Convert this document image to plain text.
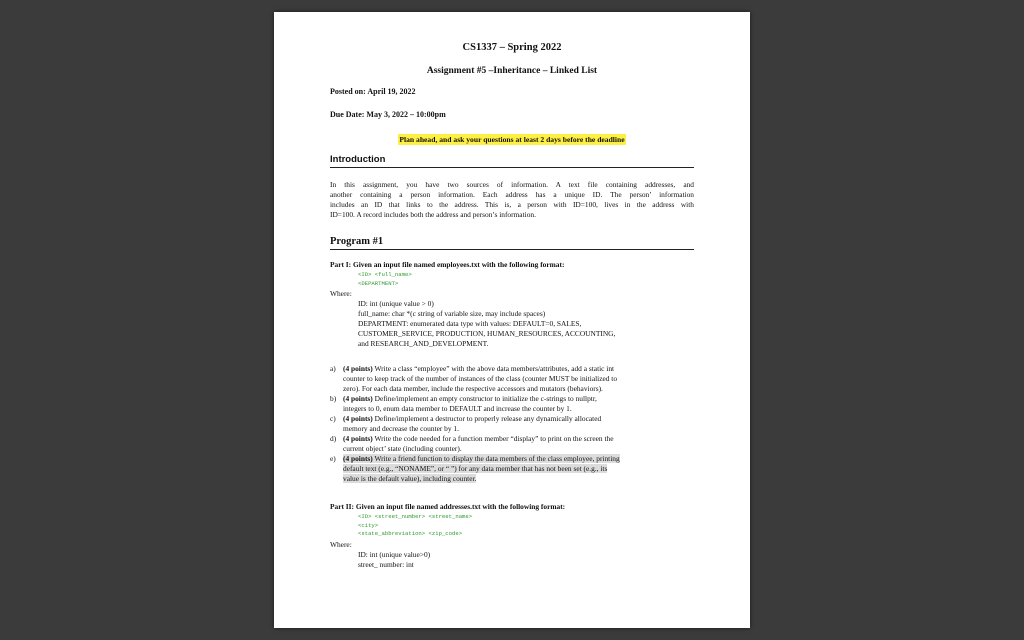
CS1337 – Spring 2022
Assignment #5 –Inheritance – Linked List
Posted on: April 19, 2022
Due Date: May 3, 2022 – 10:00pm
Plan ahead, and ask your questions at least 2 days before the deadline
Introduction
In this assignment, you have two sources of information. A text file containing addresses, and
another containing a person information. Each address has a unique ID. The person’ information
includes an ID that links to the address. This is, a person with ID=100, lives in the address with
ID=100. A record includes both the address and person’s information.
Program #1
Part I: Given an input file named employees.txt with the following format:
<ID> <full_name>
<DEPARTMENT>
Where:
ID: int (unique value > 0)
full_name: char *(c string of variable size, may include spaces)
DEPARTMENT: enumerated data type with values: DEFAULT=0, SALES,
CUSTOMER_SERVICE, PRODUCTION, HUMAN_RESOURCES, ACCOUNTING,
and RESEARCH_AND_DEVELOPMENT.
a) (4 points) Write a class “employee” with the above data members/attributes, add a static int
counter to keep track of the number of instances of the class (counter MUST be initialized to
zero). For each data member, include the respective accessors and mutators (behaviors).
b) (4 points) Define/implement an empty constructor to initialize the c-strings to nullptr,
integers to 0, enum data member to DEFAULT and increase the counter by 1.
c) (4 points) Define/implement a destructor to properly release any dynamically allocated
memory and decrease the counter by 1.
d) (4 points) Write the code needed for a function member “display” to print on the screen the
current object’ state (including counter).
e) (4 points) Write a friend function to display the data members of the class employee, printing
default text (e.g., “NONAME”, or “ ”) for any data member that has not been set (e.g., its
value is the default value), including counter.
Part II: Given an input file named addresses.txt with the following format:
<ID> <street_number> <street_name>
<city>
<state_abbreviation> <zip_code>
Where:
ID: int (unique value>0)
street_ number: int
